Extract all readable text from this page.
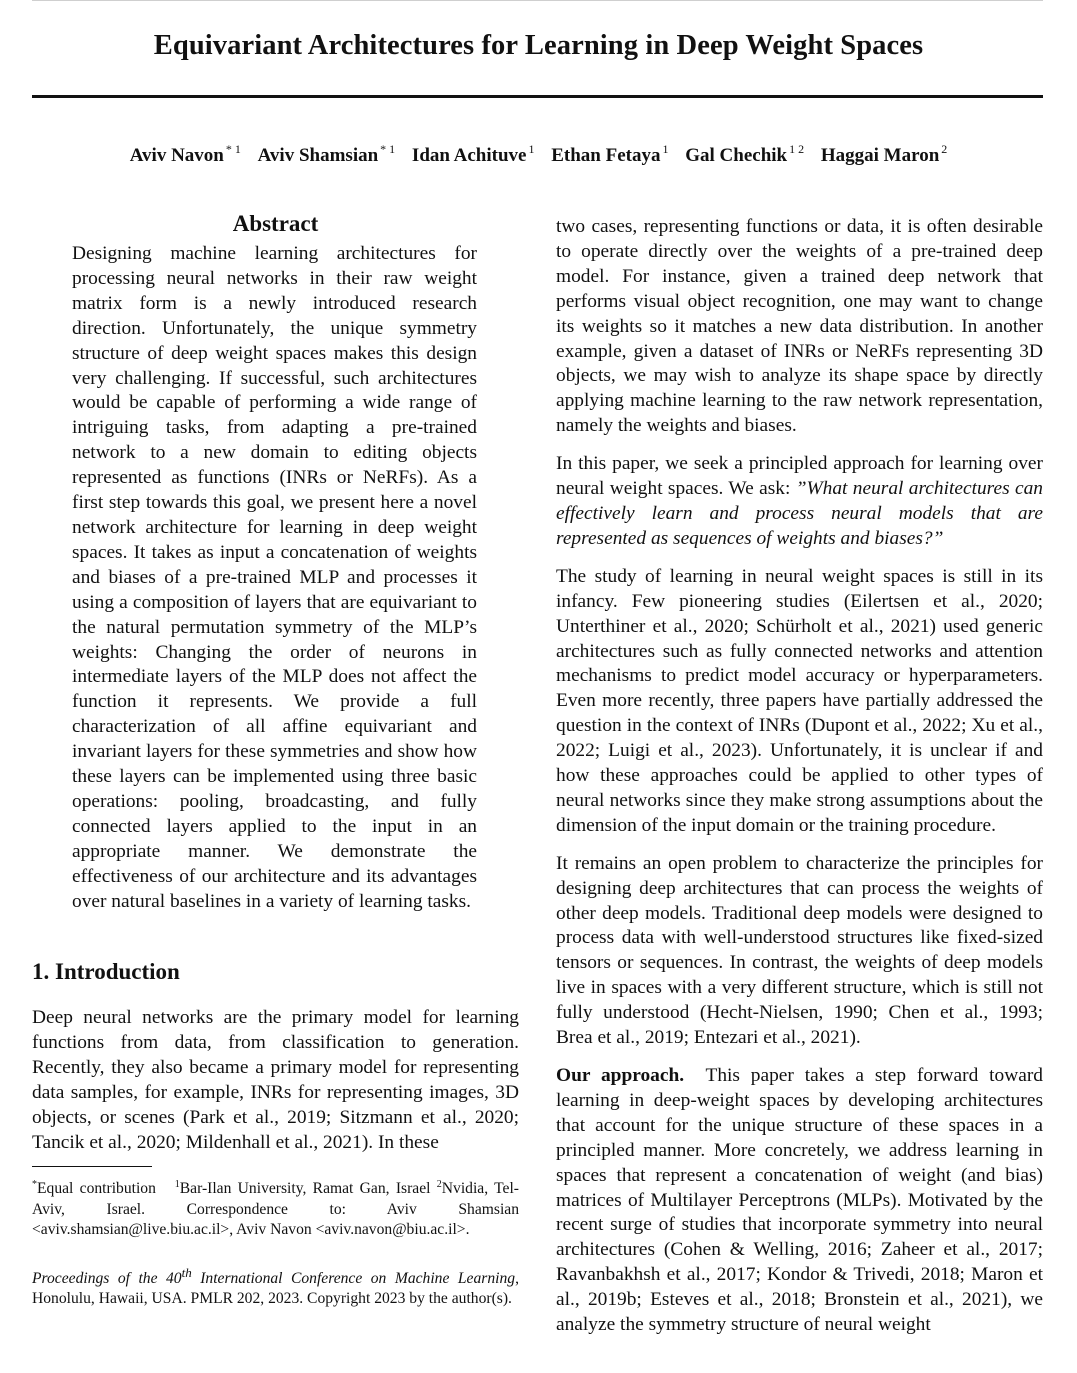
Equivariant Architectures for Learning in Deep Weight Spaces
Aviv Navon $^{* 1}$ Aviv Shamsian $^{* 1}$ Idan Achituve $^1$ Ethan Fetaya $^1$ Gal Chechik $^{1 2}$ Haggai Maron $^2$
Abstract

Designing machine learning architectures for processing neural networks in their raw weight matrix form is a newly introduced research direction. Unfortunately, the unique symmetry structure of deep weight spaces makes this design very challenging. If successful, such architectures would be capable of performing a wide range of intriguing tasks, from adapting a pre-trained network to a new domain to editing objects represented as functions (INRs or NeRFs). As a first step towards this goal, we present here a novel network architecture for learning in deep weight spaces. It takes as input a concatenation of weights and biases of a pre-trained MLP and processes it using a composition of layers that are equivariant to the natural permutation symmetry of the MLP’s weights: Changing the order of neurons in intermediate layers of the MLP does not affect the function it represents. We provide a full characterization of all affine equivariant and invariant layers for these symmetries and show how these layers can be implemented using three basic operations: pooling, broadcasting, and fully connected layers applied to the input in an appropriate manner. We demonstrate the effectiveness of our architecture and its advantages over natural baselines in a variety of learning tasks.

1. Introduction

Deep neural networks are the primary model for learning functions from data, from classification to generation. Recently, they also became a primary model for representing data samples, for example, INRs for representing images, 3D objects, or scenes (Park et al., 2019; Sitzmann et al., 2020; Tancik et al., 2020; Mildenhall et al., 2021). In these

*Equal contribution $^1$Bar-Ilan University, Ramat Gan, Israel $^2$Nvidia, Tel-Aviv, Israel.	Correspondence to: Aviv Shamsian <aviv.shamsian@live.biu.ac.il>, Aviv Navon <aviv.navon@biu.ac.il>.
Proceedings of the 40th International Conference on Machine Learning, Honolulu, Hawaii, USA. PMLR 202, 2023. Copyright 2023 by the author(s).

two cases, representing functions or data, it is often desirable to operate directly over the weights of a pre-trained deep model. For instance, given a trained deep network that performs visual object recognition, one may want to change its weights so it matches a new data distribution. In another example, given a dataset of INRs or NeRFs representing 3D objects, we may wish to analyze its shape space by directly applying machine learning to the raw network representation, namely the weights and biases.

In this paper, we seek a principled approach for learning over neural weight spaces. We ask: ”What neural architectures can effectively learn and process neural models that are represented as sequences of weights and biases?”

The study of learning in neural weight spaces is still in its infancy. Few pioneering studies (Eilertsen et al., 2020; Unterthiner et al., 2020; Schürholt et al., 2021) used generic architectures such as fully connected networks and attention mechanisms to predict model accuracy or hyperparameters. Even more recently, three papers have partially addressed the question in the context of INRs (Dupont et al., 2022; Xu et al., 2022; Luigi et al., 2023). Unfortunately, it is unclear if and how these approaches could be applied to other types of neural networks since they make strong assumptions about the dimension of the input domain or the training procedure.

It remains an open problem to characterize the principles for designing deep architectures that can process the weights of other deep models. Traditional deep models were designed to process data with well-understood structures like fixed-sized tensors or sequences. In contrast, the weights of deep models live in spaces with a very different structure, which is still not fully understood (Hecht-Nielsen, 1990; Chen et al., 1993; Brea et al., 2019; Entezari et al., 2021).

Our approach. This paper takes a step forward toward learning in deep-weight spaces by developing architectures that account for the unique structure of these spaces in a principled manner. More concretely, we address learning in spaces that represent a concatenation of weight (and bias) matrices of Multilayer Perceptrons (MLPs). Motivated by the recent surge of studies that incorporate symmetry into neural architectures (Cohen & Welling, 2016; Zaheer et al., 2017; Ravanbakhsh et al., 2017; Kondor & Trivedi, 2018; Maron et al., 2019b; Esteves et al., 2018; Bronstein et al., 2021), we analyze the symmetry structure of neural weight
